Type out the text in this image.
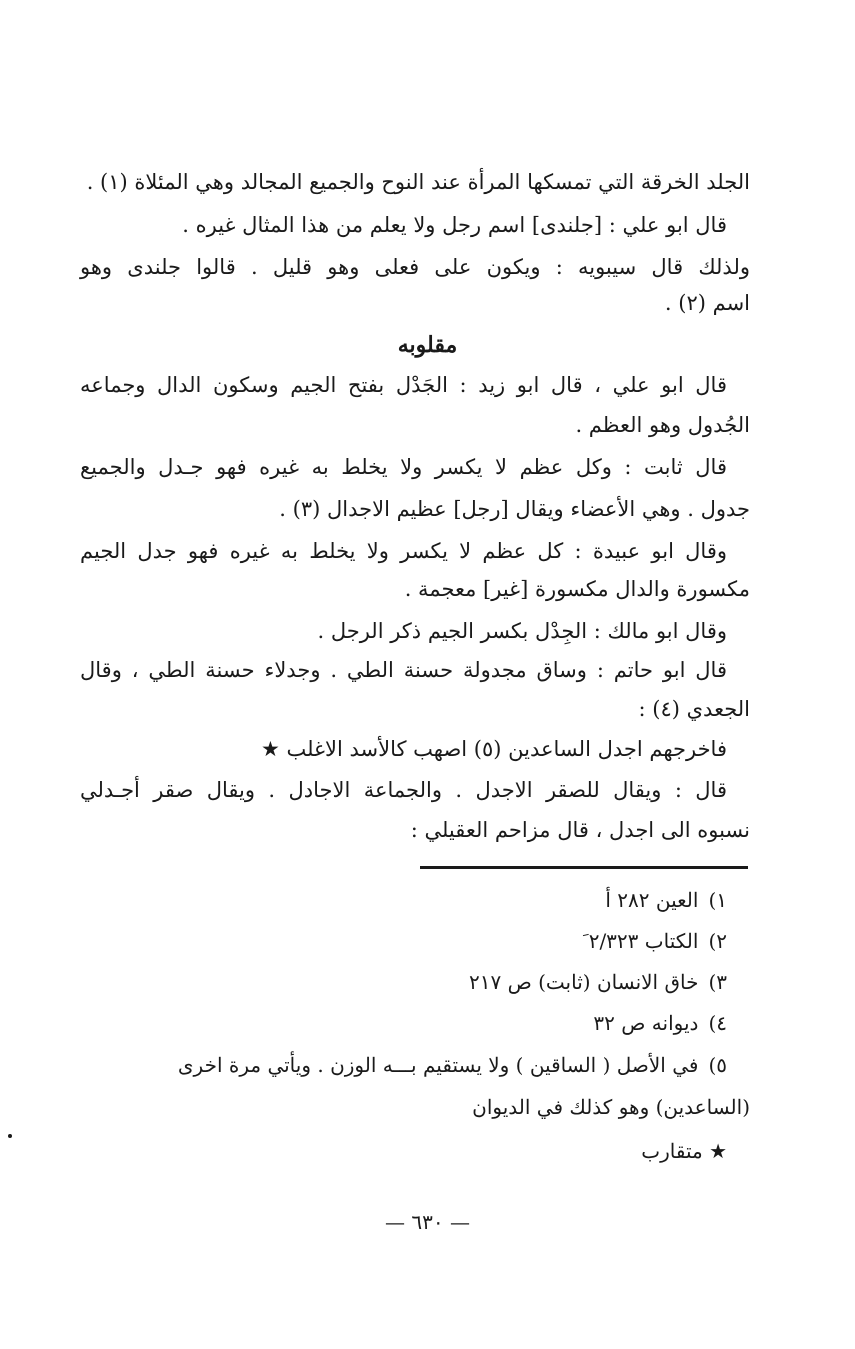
الجلد الخرقة التي تمسكها المرأة عند النوح والجميع المجالد وهي المئلاة (١) .
قال ابو علي : [جلندى] اسم رجل ولا يعلم من هذا المثال غيره .
ولذلك قال سيبويه : ويكون على فعلى وهو قليل . قالوا جلندى وهو
اسم (٢) .
مقلوبه
قال ابو علي ، قال ابو زيد : الجَدْل بفتح الجيم وسكون الدال وجماعه
الجُدول وهو العظم .
قال ثابت : وكل عظم لا يكسر ولا يخلط به غيره فهو جـدل والجميع
جدول . وهي الأعضاء ويقال [رجل] عظيم الاجدال (٣) .
وقال ابو عبيدة : كل عظم لا يكسر ولا يخلط به غيره فهو جدل الجيم
مكسورة والدال مكسورة [غير] معجمة .
وقال ابو مالك : الجِدْل بكسر الجيم ذكر الرجل .
قال ابو حاتم : وساق مجدولة حسنة الطي . وجدلاء حسنة الطي ، وقال
الجعدي (٤) :
فاخرجهم اجدل الساعدين (٥) اصهب كالأسد الاغلب ★
قال : ويقال للصقر الاجدل . والجماعة الاجادل . ويقال صقر أجـدلي
نسبوه الى اجدل ، قال مزاحم العقيلي :
١)العين ٢٨٢ أ
٢)الكتاب ٢/٣٢٣ َ
٣)خاق الانسان (ثابت) ص ٢١٧
٤)ديوانه ص ٣٢
٥)في الأصل ( الساقين ) ولا يستقيم بـــه الوزن . ويأتي مرة اخرى
(الساعدين) وهو كذلك في الديوان
★ متقارب
— ٦٣٠ —
